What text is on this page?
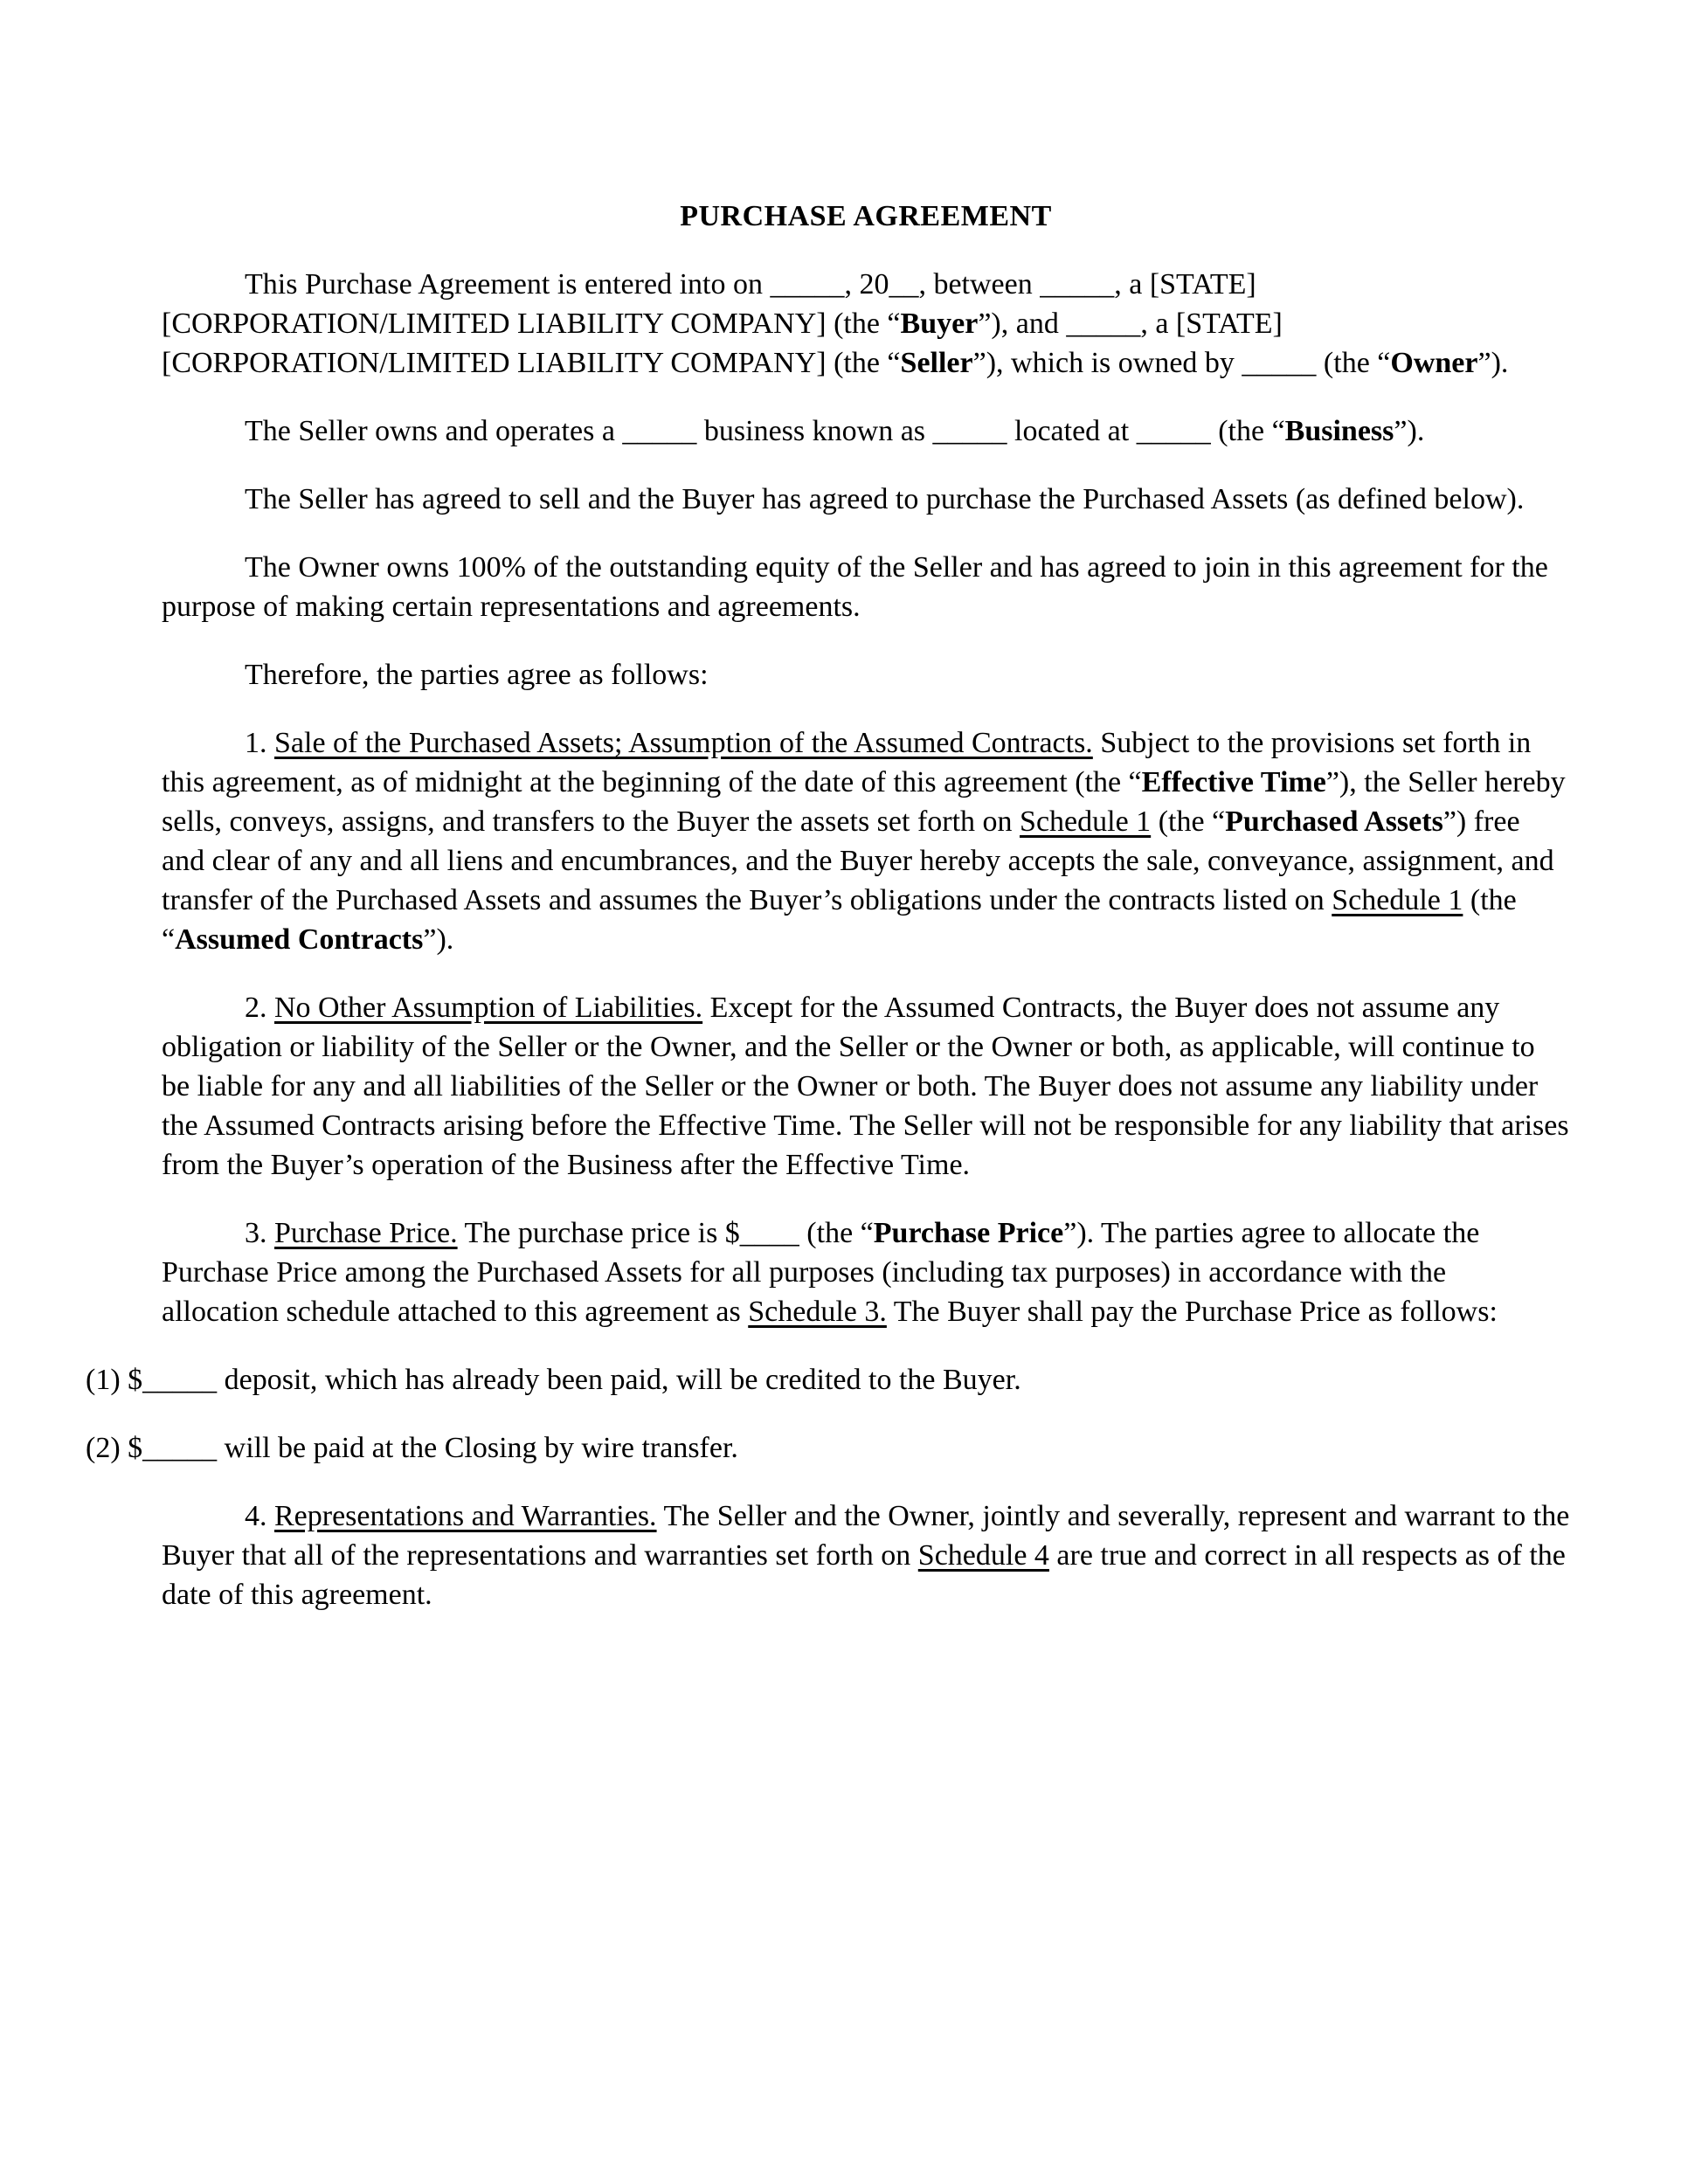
PURCHASE AGREEMENT

This Purchase Agreement is entered into on _____, 20__, between _____, a [STATE] [CORPORATION/LIMITED LIABILITY COMPANY] (the “Buyer”), and _____, a [STATE] [CORPORATION/LIMITED LIABILITY COMPANY] (the “Seller”), which is owned by _____ (the “Owner”).

The Seller owns and operates a _____ business known as _____ located at _____ (the “Business”).

The Seller has agreed to sell and the Buyer has agreed to purchase the Purchased Assets (as defined below).

The Owner owns 100% of the outstanding equity of the Seller and has agreed to join in this agreement for the purpose of making certain representations and agreements.

Therefore, the parties agree as follows:

1. Sale of the Purchased Assets; Assumption of the Assumed Contracts. Subject to the provisions set forth in this agreement, as of midnight at the beginning of the date of this agreement (the “Effective Time”), the Seller hereby sells, conveys, assigns, and transfers to the Buyer the assets set forth on Schedule 1 (the “Purchased Assets”) free and clear of any and all liens and encumbrances, and the Buyer hereby accepts the sale, conveyance, assignment, and transfer of the Purchased Assets and assumes the Buyer’s obligations under the contracts listed on Schedule 1 (the “Assumed Contracts”).

2. No Other Assumption of Liabilities. Except for the Assumed Contracts, the Buyer does not assume any obligation or liability of the Seller or the Owner, and the Seller or the Owner or both, as applicable, will continue to be liable for any and all liabilities of the Seller or the Owner or both. The Buyer does not assume any liability under the Assumed Contracts arising before the Effective Time. The Seller will not be responsible for any liability that arises from the Buyer’s operation of the Business after the Effective Time.

3. Purchase Price. The purchase price is $____ (the “Purchase Price”). The parties agree to allocate the Purchase Price among the Purchased Assets for all purposes (including tax purposes) in accordance with the allocation schedule attached to this agreement as Schedule 3. The Buyer shall pay the Purchase Price as follows:

(1) $_____ deposit, which has already been paid, will be credited to the Buyer.

(2) $_____ will be paid at the Closing by wire transfer.

4. Representations and Warranties. The Seller and the Owner, jointly and severally, represent and warrant to the Buyer that all of the representations and warranties set forth on Schedule 4 are true and correct in all respects as of the date of this agreement.
